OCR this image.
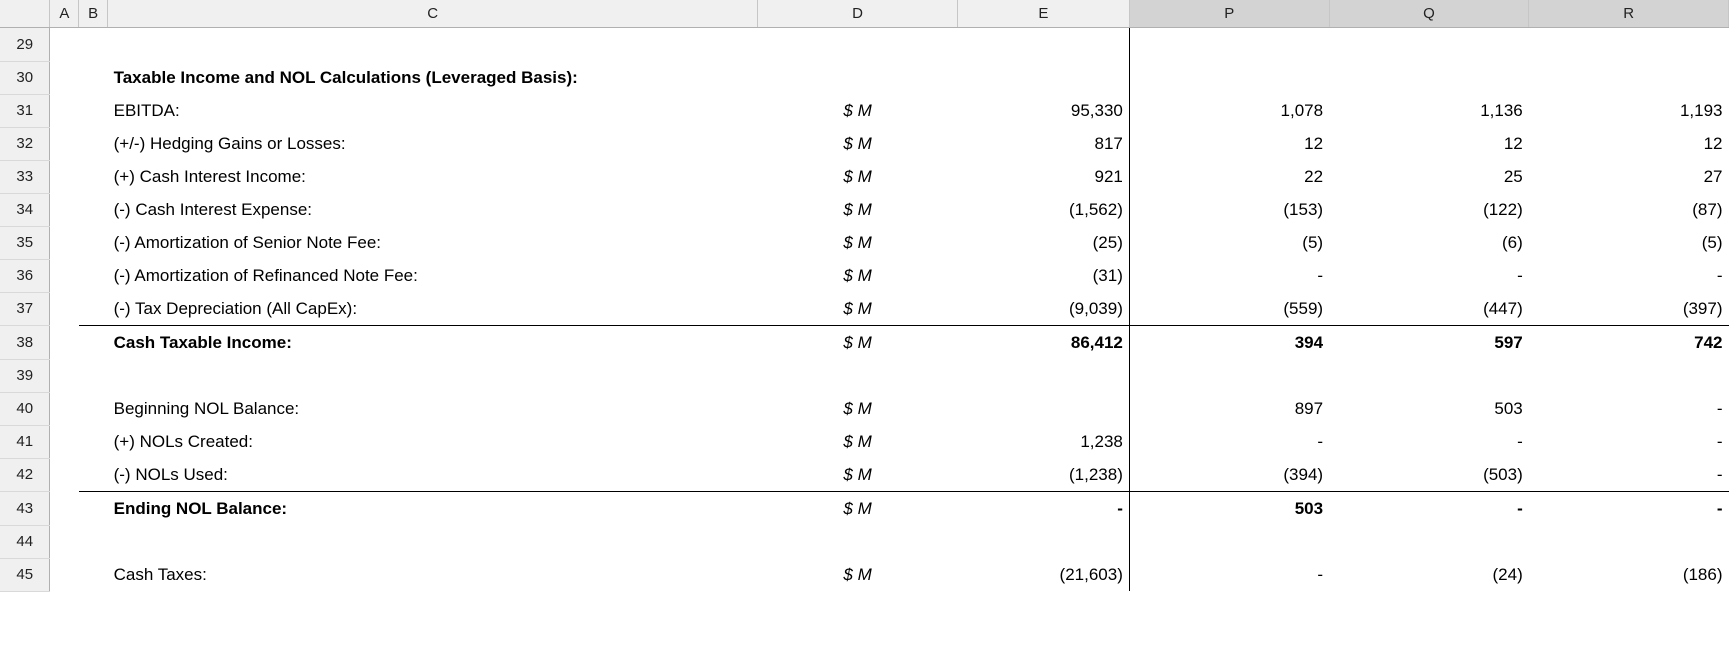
	A	B	C	D	E	P	Q	R
29								
30			Taxable Income and NOL Calculations (Leveraged Basis):					
31			EBITDA:	$ M	95,330	1,078	1,136	1,193
32			(+/-) Hedging Gains or Losses:	$ M	817	12	12	12
33			(+) Cash Interest Income:	$ M	921	22	25	27
34			(-) Cash Interest Expense:	$ M	(1,562)	(153)	(122)	(87)
35			(-) Amortization of Senior Note Fee:	$ M	(25)	(5)	(6)	(5)
36			(-) Amortization of Refinanced Note Fee:	$ M	(31)	-	-	-
37			(-) Tax Depreciation (All CapEx):	$ M	(9,039)	(559)	(447)	(397)
38			Cash Taxable Income:	$ M	86,412	394	597	742
39								
40			Beginning NOL Balance:	$ M		897	503	-
41			(+) NOLs Created:	$ M	1,238	-	-	-
42			(-) NOLs Used:	$ M	(1,238)	(394)	(503)	-
43			Ending NOL Balance:	$ M	-	503	-	-
44								
45			Cash Taxes:	$ M	(21,603)	-	(24)	(186)
